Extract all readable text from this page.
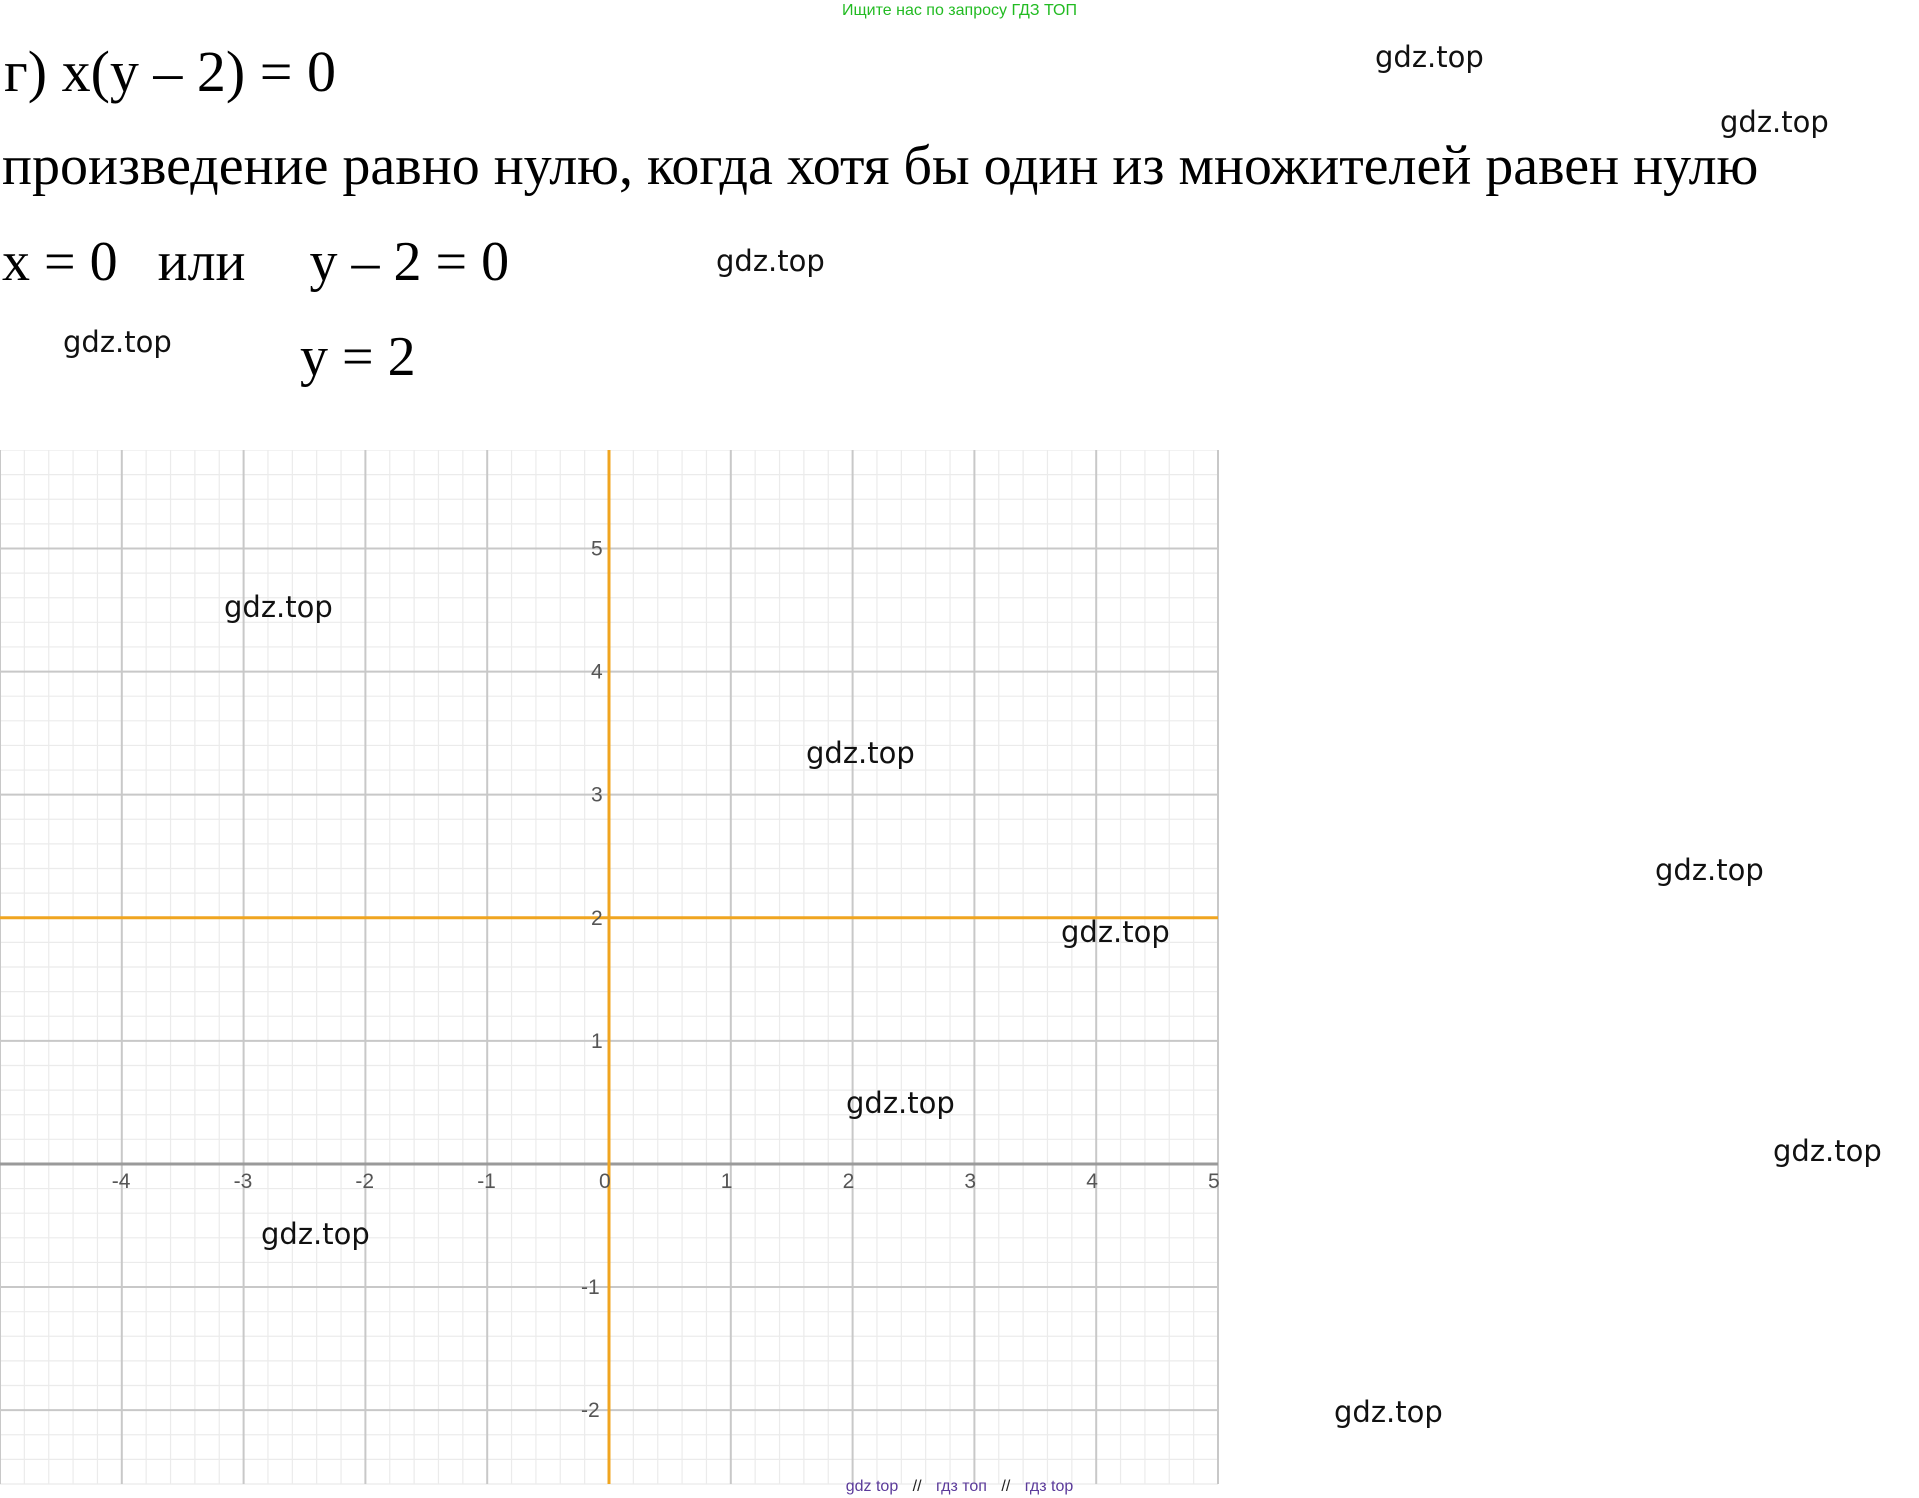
Ищите нас по запросу ГДЗ ТОП
г) x(y – 2) = 0

произведение равно нулю, когда хотя бы один из множителей равен нулю

x = 0 или y – 2 = 0
y = 2
-4	-3	-2	-1	0	1	2	3	4	5
-2
-1
1
2
3
4
5
gdz.top
gdz.top
gdz.top
gdz.top
gdz.top
gdz.top
gdz.top
gdz.top
gdz.top
gdz.top
gdz.top
gdz.top
gdz top // гдз топ // гдз top
